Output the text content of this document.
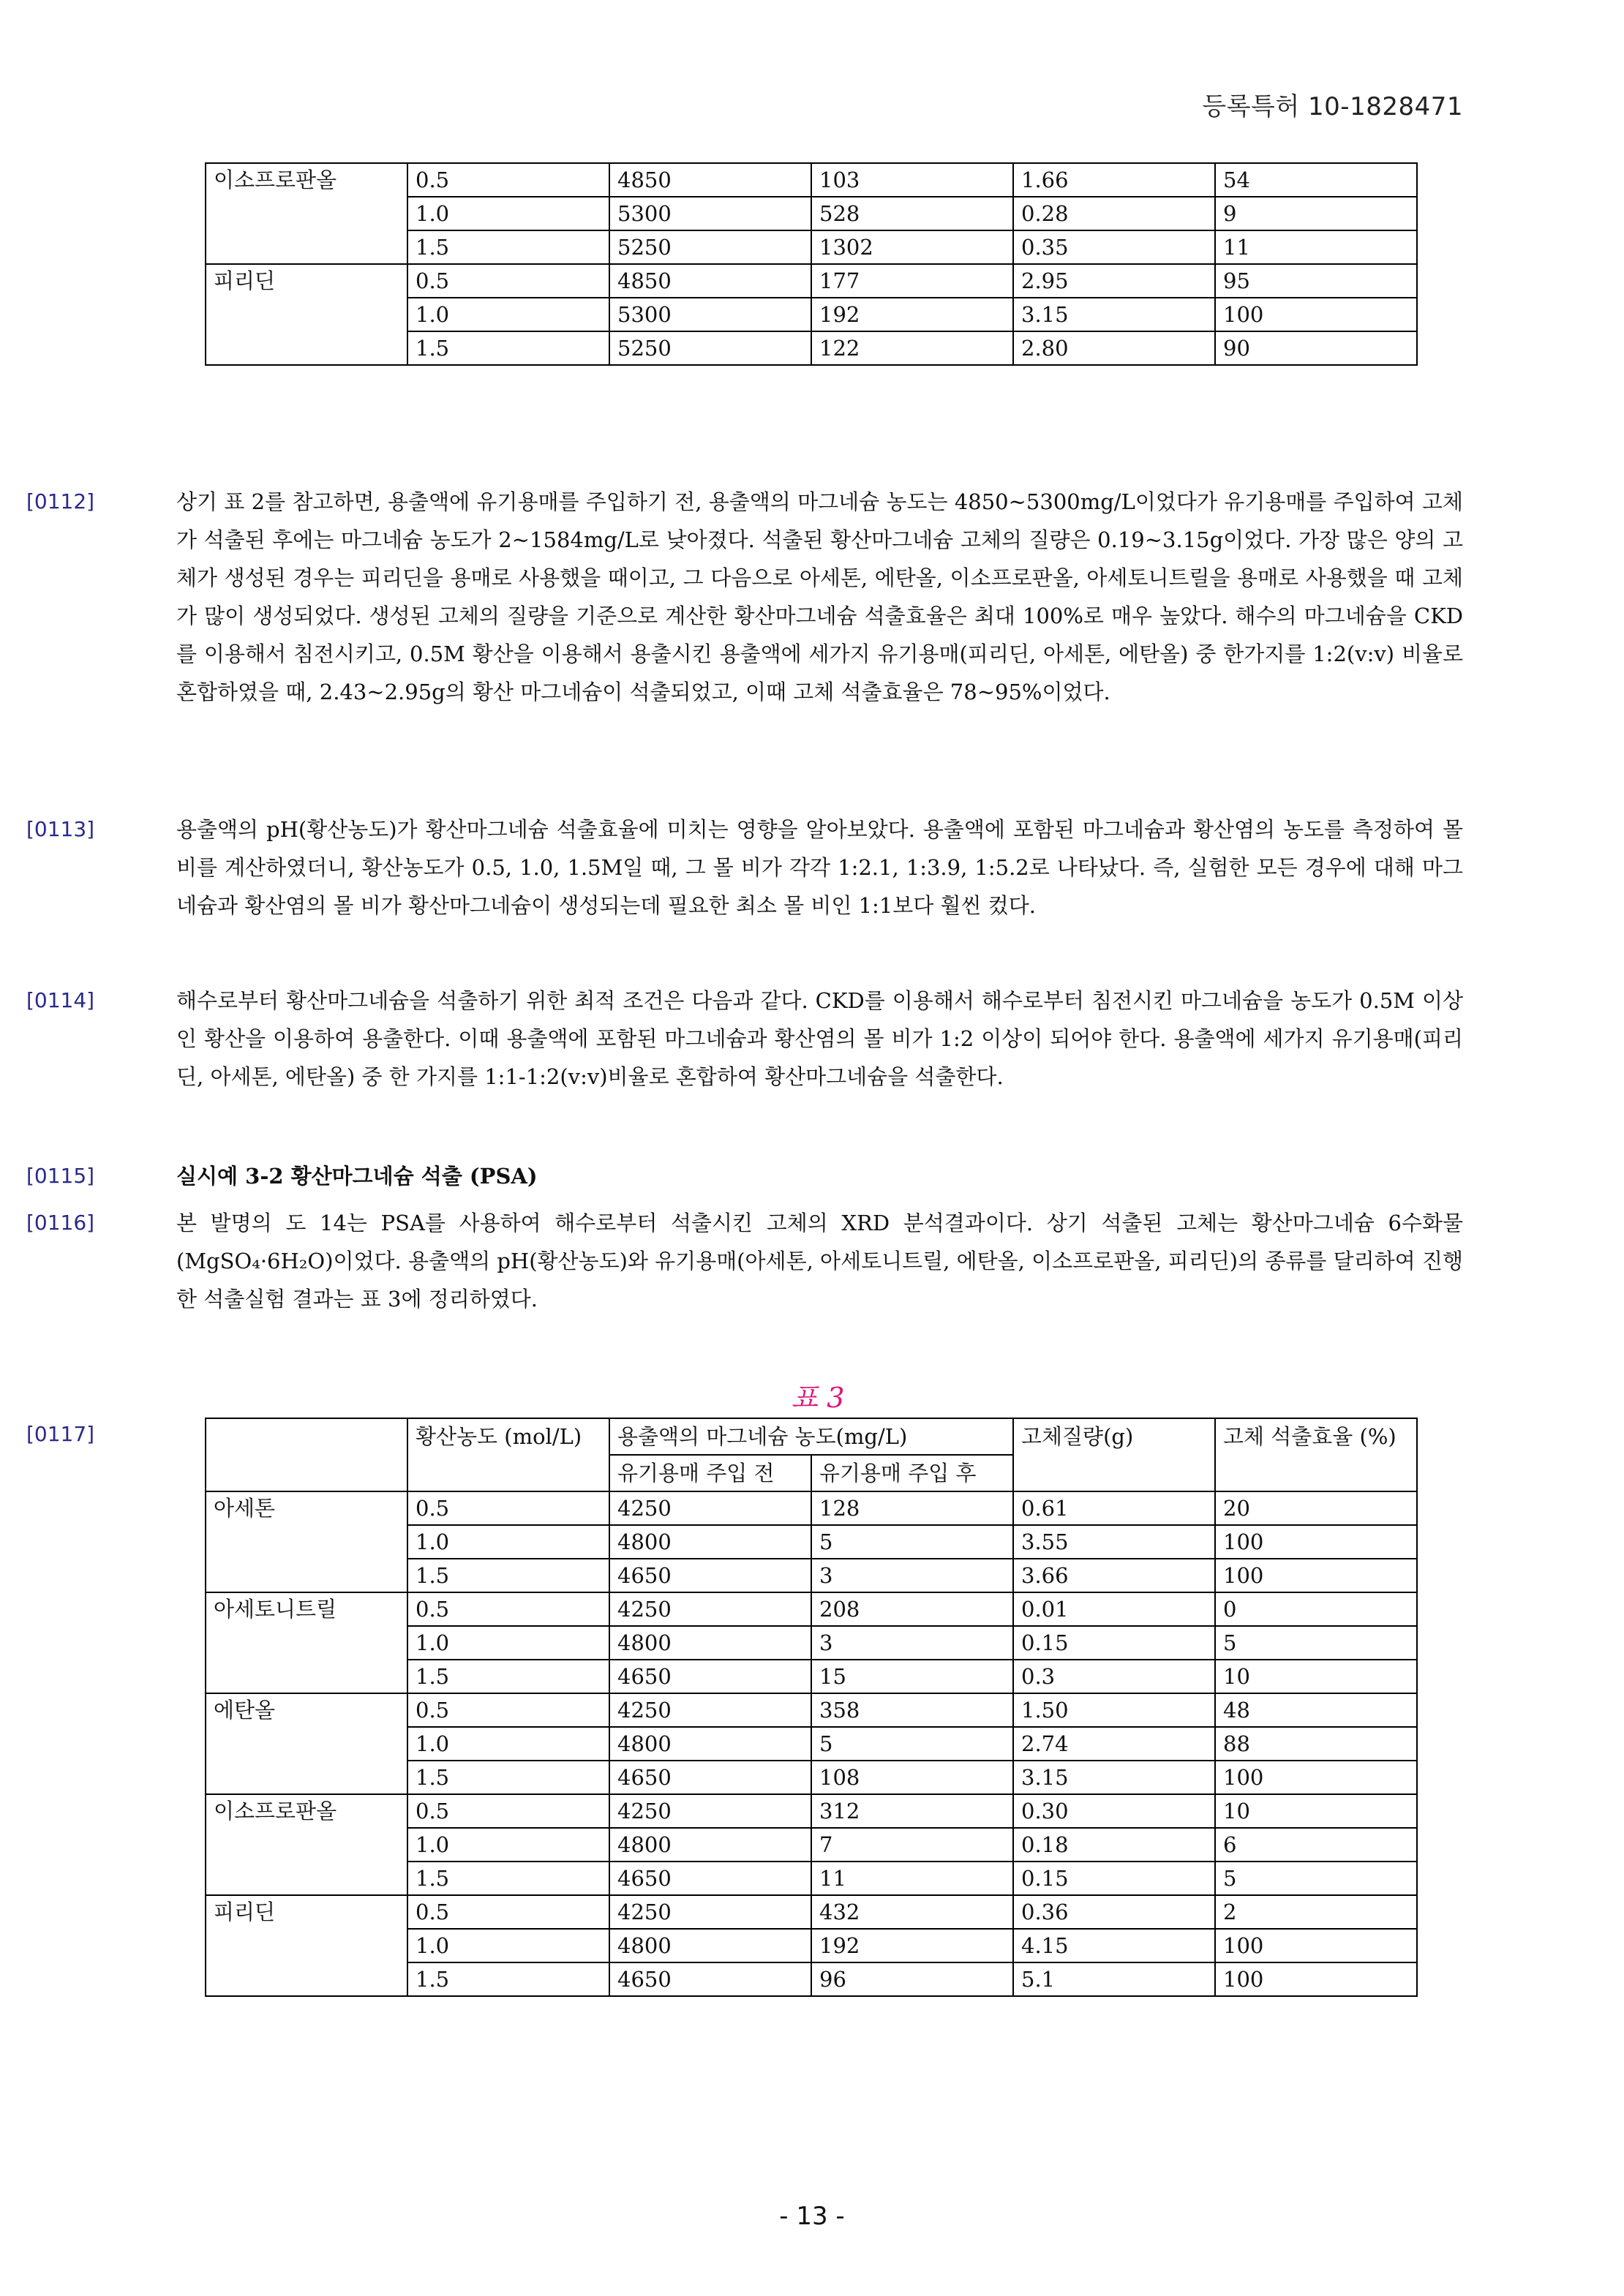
등록특허 10-1828471
이소프로판올	0.5	4850	103	1.66	54
	1.0	5300	528	0.28	9
	1.5	5250	1302	0.35	11
피리딘	0.5	4850	177	2.95	95
	1.0	5300	192	3.15	100
	1.5	5250	122	2.80	90
[0112]	상기 표 2를 참고하면, 용출액에 유기용매를 주입하기 전, 용출액의 마그네슘 농도는 4850~5300mg/L이었다가 유기용매를 주입하여 고체가 석출된 후에는 마그네슘 농도가 2~1584mg/L로 낮아졌다. 석출된 황산마그네슘 고체의 질량은 0.19~3.15g이었다. 가장 많은 양의 고체가 생성된 경우는 피리딘을 용매로 사용했을 때이고, 그 다음으로 아세톤, 에탄올, 이소프로판올, 아세토니트릴을 용매로 사용했을 때 고체가 많이 생성되었다. 생성된 고체의 질량을 기준으로 계산한 황산마그네슘 석출효율은 최대 100%로 매우 높았다. 해수의 마그네슘을 CKD를 이용해서 침전시키고, 0.5M 황산을 이용해서 용출시킨 용출액에 세가지 유기용매(피리딘, 아세톤, 에탄올) 중 한가지를 1:2(v:v) 비율로 혼합하였을 때, 2.43~2.95g의 황산 마그네슘이 석출되었고, 이때 고체 석출효율은 78~95%이었다.
[0113]	용출액의 pH(황산농도)가 황산마그네슘 석출효율에 미치는 영향을 알아보았다. 용출액에 포함된 마그네슘과 황산염의 농도를 측정하여 몰 비를 계산하였더니, 황산농도가 0.5, 1.0, 1.5M일 때, 그 몰 비가 각각 1:2.1, 1:3.9, 1:5.2로 나타났다. 즉, 실험한 모든 경우에 대해 마그네슘과 황산염의 몰 비가 황산마그네슘이 생성되는데 필요한 최소 몰 비인 1:1보다 훨씬 컸다.
[0114]	해수로부터 황산마그네슘을 석출하기 위한 최적 조건은 다음과 같다. CKD를 이용해서 해수로부터 침전시킨 마그네슘을 농도가 0.5M 이상인 황산을 이용하여 용출한다. 이때 용출액에 포함된 마그네슘과 황산염의 몰 비가 1:2 이상이 되어야 한다. 용출액에 세가지 유기용매(피리딘, 아세톤, 에탄올) 중 한 가지를 1:1-1:2(v:v)비율로 혼합하여 황산마그네슘을 석출한다.
[0115]	실시예 3-2 황산마그네슘 석출 (PSA)
[0116]	본 발명의 도 14는 PSA를 사용하여 해수로부터 석출시킨 고체의 XRD 분석결과이다. 상기 석출된 고체는 황산마그네슘 6수화물(MgSO₄·6H₂O)이었다. 용출액의 pH(황산농도)와 유기용매(아세톤, 아세토니트릴, 에탄올, 이소프로판올, 피리딘)의 종류를 달리하여 진행한 석출실험 결과는 표 3에 정리하였다.
표 3
[0117]
		황산농도 (mol/L)	용출액의 마그네슘 농도(mg/L)		고체질량(g)	고체 석출효율 (%)
		유기용매 주입 전	유기용매 주입 후		
아세톤	0.5	4250	128	0.61	20
	1.0	4800	5	3.55	100
	1.5	4650	3	3.66	100
아세토니트릴	0.5	4250	208	0.01	0
	1.0	4800	3	0.15	5
	1.5	4650	15	0.3	10
에탄올	0.5	4250	358	1.50	48
	1.0	4800	5	2.74	88
	1.5	4650	108	3.15	100
이소프로판올	0.5	4250	312	0.30	10
	1.0	4800	7	0.18	6
	1.5	4650	11	0.15	5
피리딘	0.5	4250	432	0.36	2
	1.0	4800	192	4.15	100
	1.5	4650	96	5.1	100
- 13 -
